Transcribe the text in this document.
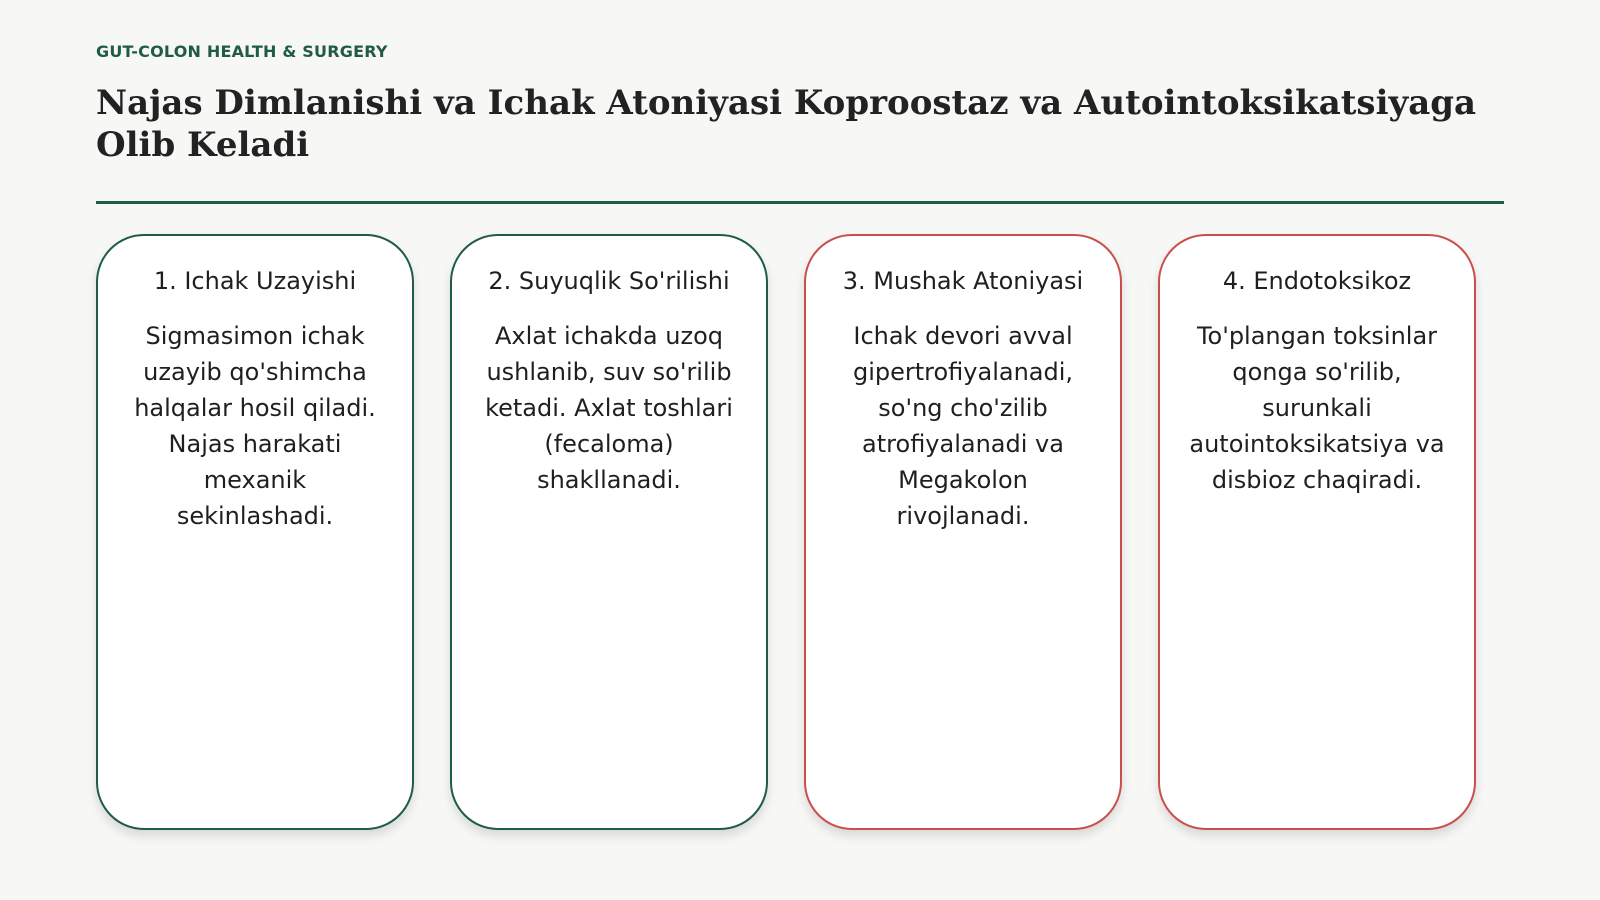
GUT-COLON HEALTH & SURGERY
Najas Dimlanishi va Ichak Atoniyasi Koproostaz va Autointoksikatsiyaga Olib Keladi
1. Ichak Uzayishi

Sigmasimon ichak uzayib qo'shimcha halqalar hosil qiladi. Najas harakati mexanik sekinlashadi.

2. Suyuqlik So'rilishi

Axlat ichakda uzoq ushlanib, suv so'rilib ketadi. Axlat toshlari (fecaloma) shakllanadi.

3. Mushak Atoniyasi

Ichak devori avval gipertrofiyalanadi, so'ng cho'zilib atrofiyalanadi va Megakolon rivojlanadi.

4. Endotoksikoz

To'plangan toksinlar qonga so'rilib, surunkali autointoksikatsiya va disbioz chaqiradi.
